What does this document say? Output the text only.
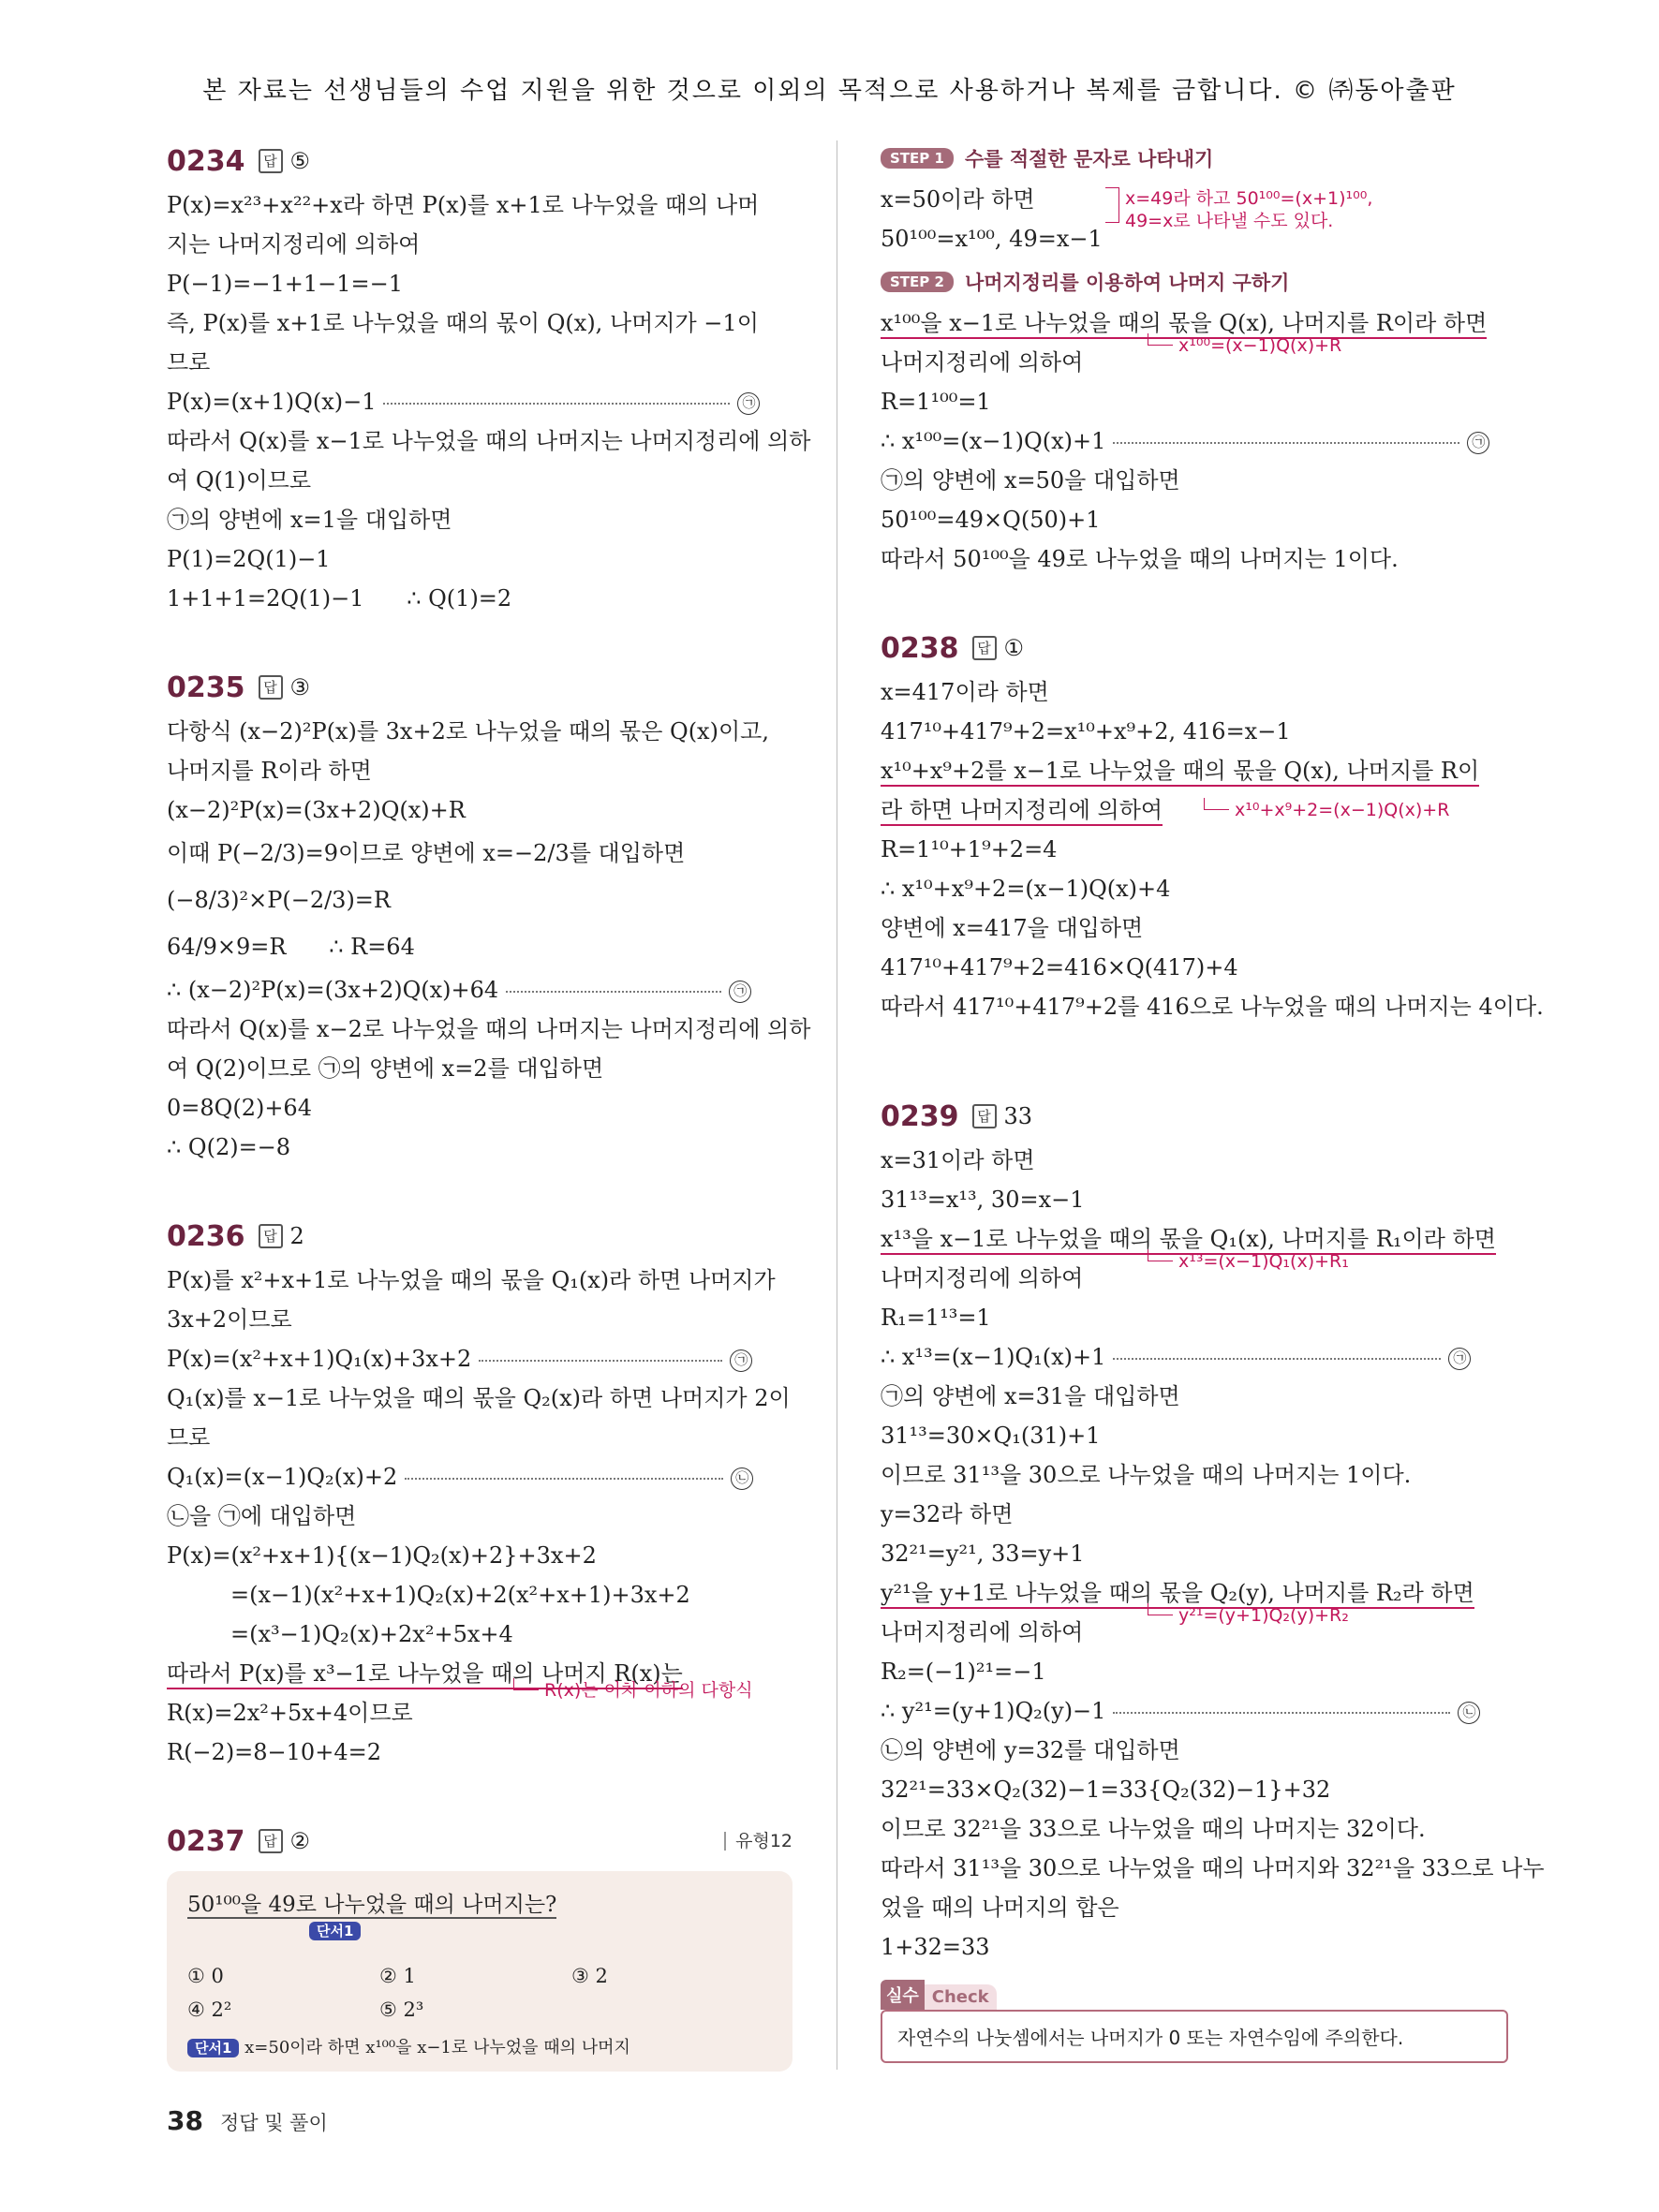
본 자료는 선생님들의 수업 지원을 위한 것으로 이외의 목적으로 사용하거나 복제를 금합니다. © ㈜동아출판
0234	답 ⑤
P(x)=x²³+x²²+x라 하면 P(x)를 x+1로 나누었을 때의 나머
지는 나머지정리에 의하여
P(−1)=−1+1−1=−1
즉, P(x)를 x+1로 나누었을 때의 몫이 Q(x), 나머지가 −1이
므로
P(x)=(x+1)Q(x)−1	㉠
따라서 Q(x)를 x−1로 나누었을 때의 나머지는 나머지정리에 의하
여 Q(1)이므로
㉠의 양변에 x=1을 대입하면
P(1)=2Q(1)−1
1+1+1=2Q(1)−1      ∴ Q(1)=2
0235	답 ③
다항식 (x−2)²P(x)를 3x+2로 나누었을 때의 몫은 Q(x)이고,
나머지를 R이라 하면
(x−2)²P(x)=(3x+2)Q(x)+R
이때 P(−2/3)=9이므로 양변에 x=−2/3를 대입하면
(−8/3)²×P(−2/3)=R
64/9×9=R      ∴ R=64
∴ (x−2)²P(x)=(3x+2)Q(x)+64	㉠
따라서 Q(x)를 x−2로 나누었을 때의 나머지는 나머지정리에 의하
여 Q(2)이므로 ㉠의 양변에 x=2를 대입하면
0=8Q(2)+64
∴ Q(2)=−8
0236	답 2
P(x)를 x²+x+1로 나누었을 때의 몫을 Q₁(x)라 하면 나머지가
3x+2이므로
P(x)=(x²+x+1)Q₁(x)+3x+2	㉠
Q₁(x)를 x−1로 나누었을 때의 몫을 Q₂(x)라 하면 나머지가 2이
므로
Q₁(x)=(x−1)Q₂(x)+2	㉡
㉡을 ㉠에 대입하면
P(x)=(x²+x+1){(x−1)Q₂(x)+2}+3x+2
=(x−1)(x²+x+1)Q₂(x)+2(x²+x+1)+3x+2
=(x³−1)Q₂(x)+2x²+5x+4
따라서 P(x)를 x³−1로 나누었을 때의 나머지 R(x)는
R(x)=2x²+5x+4이므로
R(x)는 이차 이하의 다항식
R(−2)=8−10+4=2
0237	답 ②	유형12
50¹⁰⁰을 49로 나누었을 때의 나머지는?
단서1
① 0	② 1	③ 2
④ 2²	⑤ 2³
단서1 x=50이라 하면 x¹⁰⁰을 x−1로 나누었을 때의 나머지
STEP 1	수를 적절한 문자로 나타내기
x=50이라 하면
50¹⁰⁰=x¹⁰⁰, 49=x−1
x=49라 하고 50¹⁰⁰=(x+1)¹⁰⁰,
49=x로 나타낼 수도 있다.
STEP 2	나머지정리를 이용하여 나머지 구하기
x¹⁰⁰을 x−1로 나누었을 때의 몫을 Q(x), 나머지를 R이라 하면
나머지정리에 의하여
x¹⁰⁰=(x−1)Q(x)+R
R=1¹⁰⁰=1
∴ x¹⁰⁰=(x−1)Q(x)+1	㉠
㉠의 양변에 x=50을 대입하면
50¹⁰⁰=49×Q(50)+1
따라서 50¹⁰⁰을 49로 나누었을 때의 나머지는 1이다.
0238	답 ①
x=417이라 하면
417¹⁰+417⁹+2=x¹⁰+x⁹+2, 416=x−1
x¹⁰+x⁹+2를 x−1로 나누었을 때의 몫을 Q(x), 나머지를 R이
라 하면 나머지정리에 의하여	x¹⁰+x⁹+2=(x−1)Q(x)+R
R=1¹⁰+1⁹+2=4
∴ x¹⁰+x⁹+2=(x−1)Q(x)+4
양변에 x=417을 대입하면
417¹⁰+417⁹+2=416×Q(417)+4
따라서 417¹⁰+417⁹+2를 416으로 나누었을 때의 나머지는 4이다.
0239	답 33
x=31이라 하면
31¹³=x¹³, 30=x−1
x¹³을 x−1로 나누었을 때의 몫을 Q₁(x), 나머지를 R₁이라 하면
나머지정리에 의하여
x¹³=(x−1)Q₁(x)+R₁
R₁=1¹³=1
∴ x¹³=(x−1)Q₁(x)+1	㉠
㉠의 양변에 x=31을 대입하면
31¹³=30×Q₁(31)+1
이므로 31¹³을 30으로 나누었을 때의 나머지는 1이다.
y=32라 하면
32²¹=y²¹, 33=y+1
y²¹을 y+1로 나누었을 때의 몫을 Q₂(y), 나머지를 R₂라 하면
나머지정리에 의하여
y²¹=(y+1)Q₂(y)+R₂
R₂=(−1)²¹=−1
∴ y²¹=(y+1)Q₂(y)−1	㉡
㉡의 양변에 y=32를 대입하면
32²¹=33×Q₂(32)−1=33{Q₂(32)−1}+32
이므로 32²¹을 33으로 나누었을 때의 나머지는 32이다.
따라서 31¹³을 30으로 나누었을 때의 나머지와 32²¹을 33으로 나누
었을 때의 나머지의 합은
1+32=33
실수 Check
자연수의 나눗셈에서는 나머지가 0 또는 자연수임에 주의한다.
38 정답 및 풀이
